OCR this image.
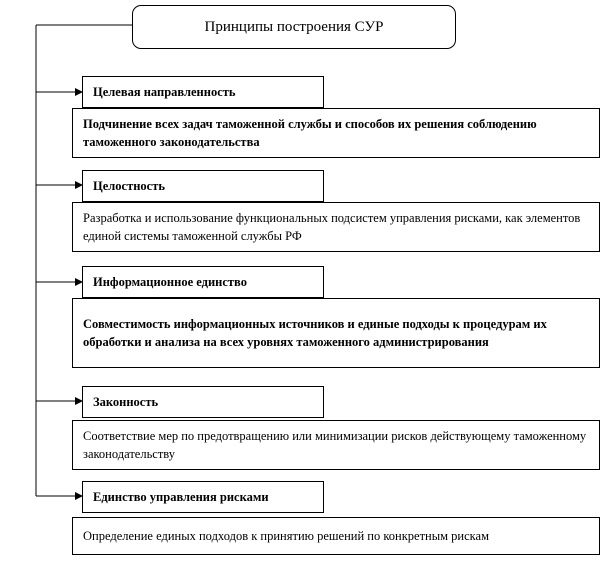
Принципы построения СУР
Целевая направленность
Подчинение всех задач таможенной службы и способов их решения соблюдению таможенного законодательства
Целостность
Разработка и использование функциональных подсистем управления рисками, как элементов единой системы таможенной службы РФ
Информационное единство
Совместимость информационных источников и единые подходы к процедурам их обработки и анализа на всех уровнях таможенного администрирования
Законность
Соответствие мер по предотвращению или минимизации рисков действующему таможенному законодательству
Единство управления рисками
Определение единых подходов к принятию решений по конкретным рискам
